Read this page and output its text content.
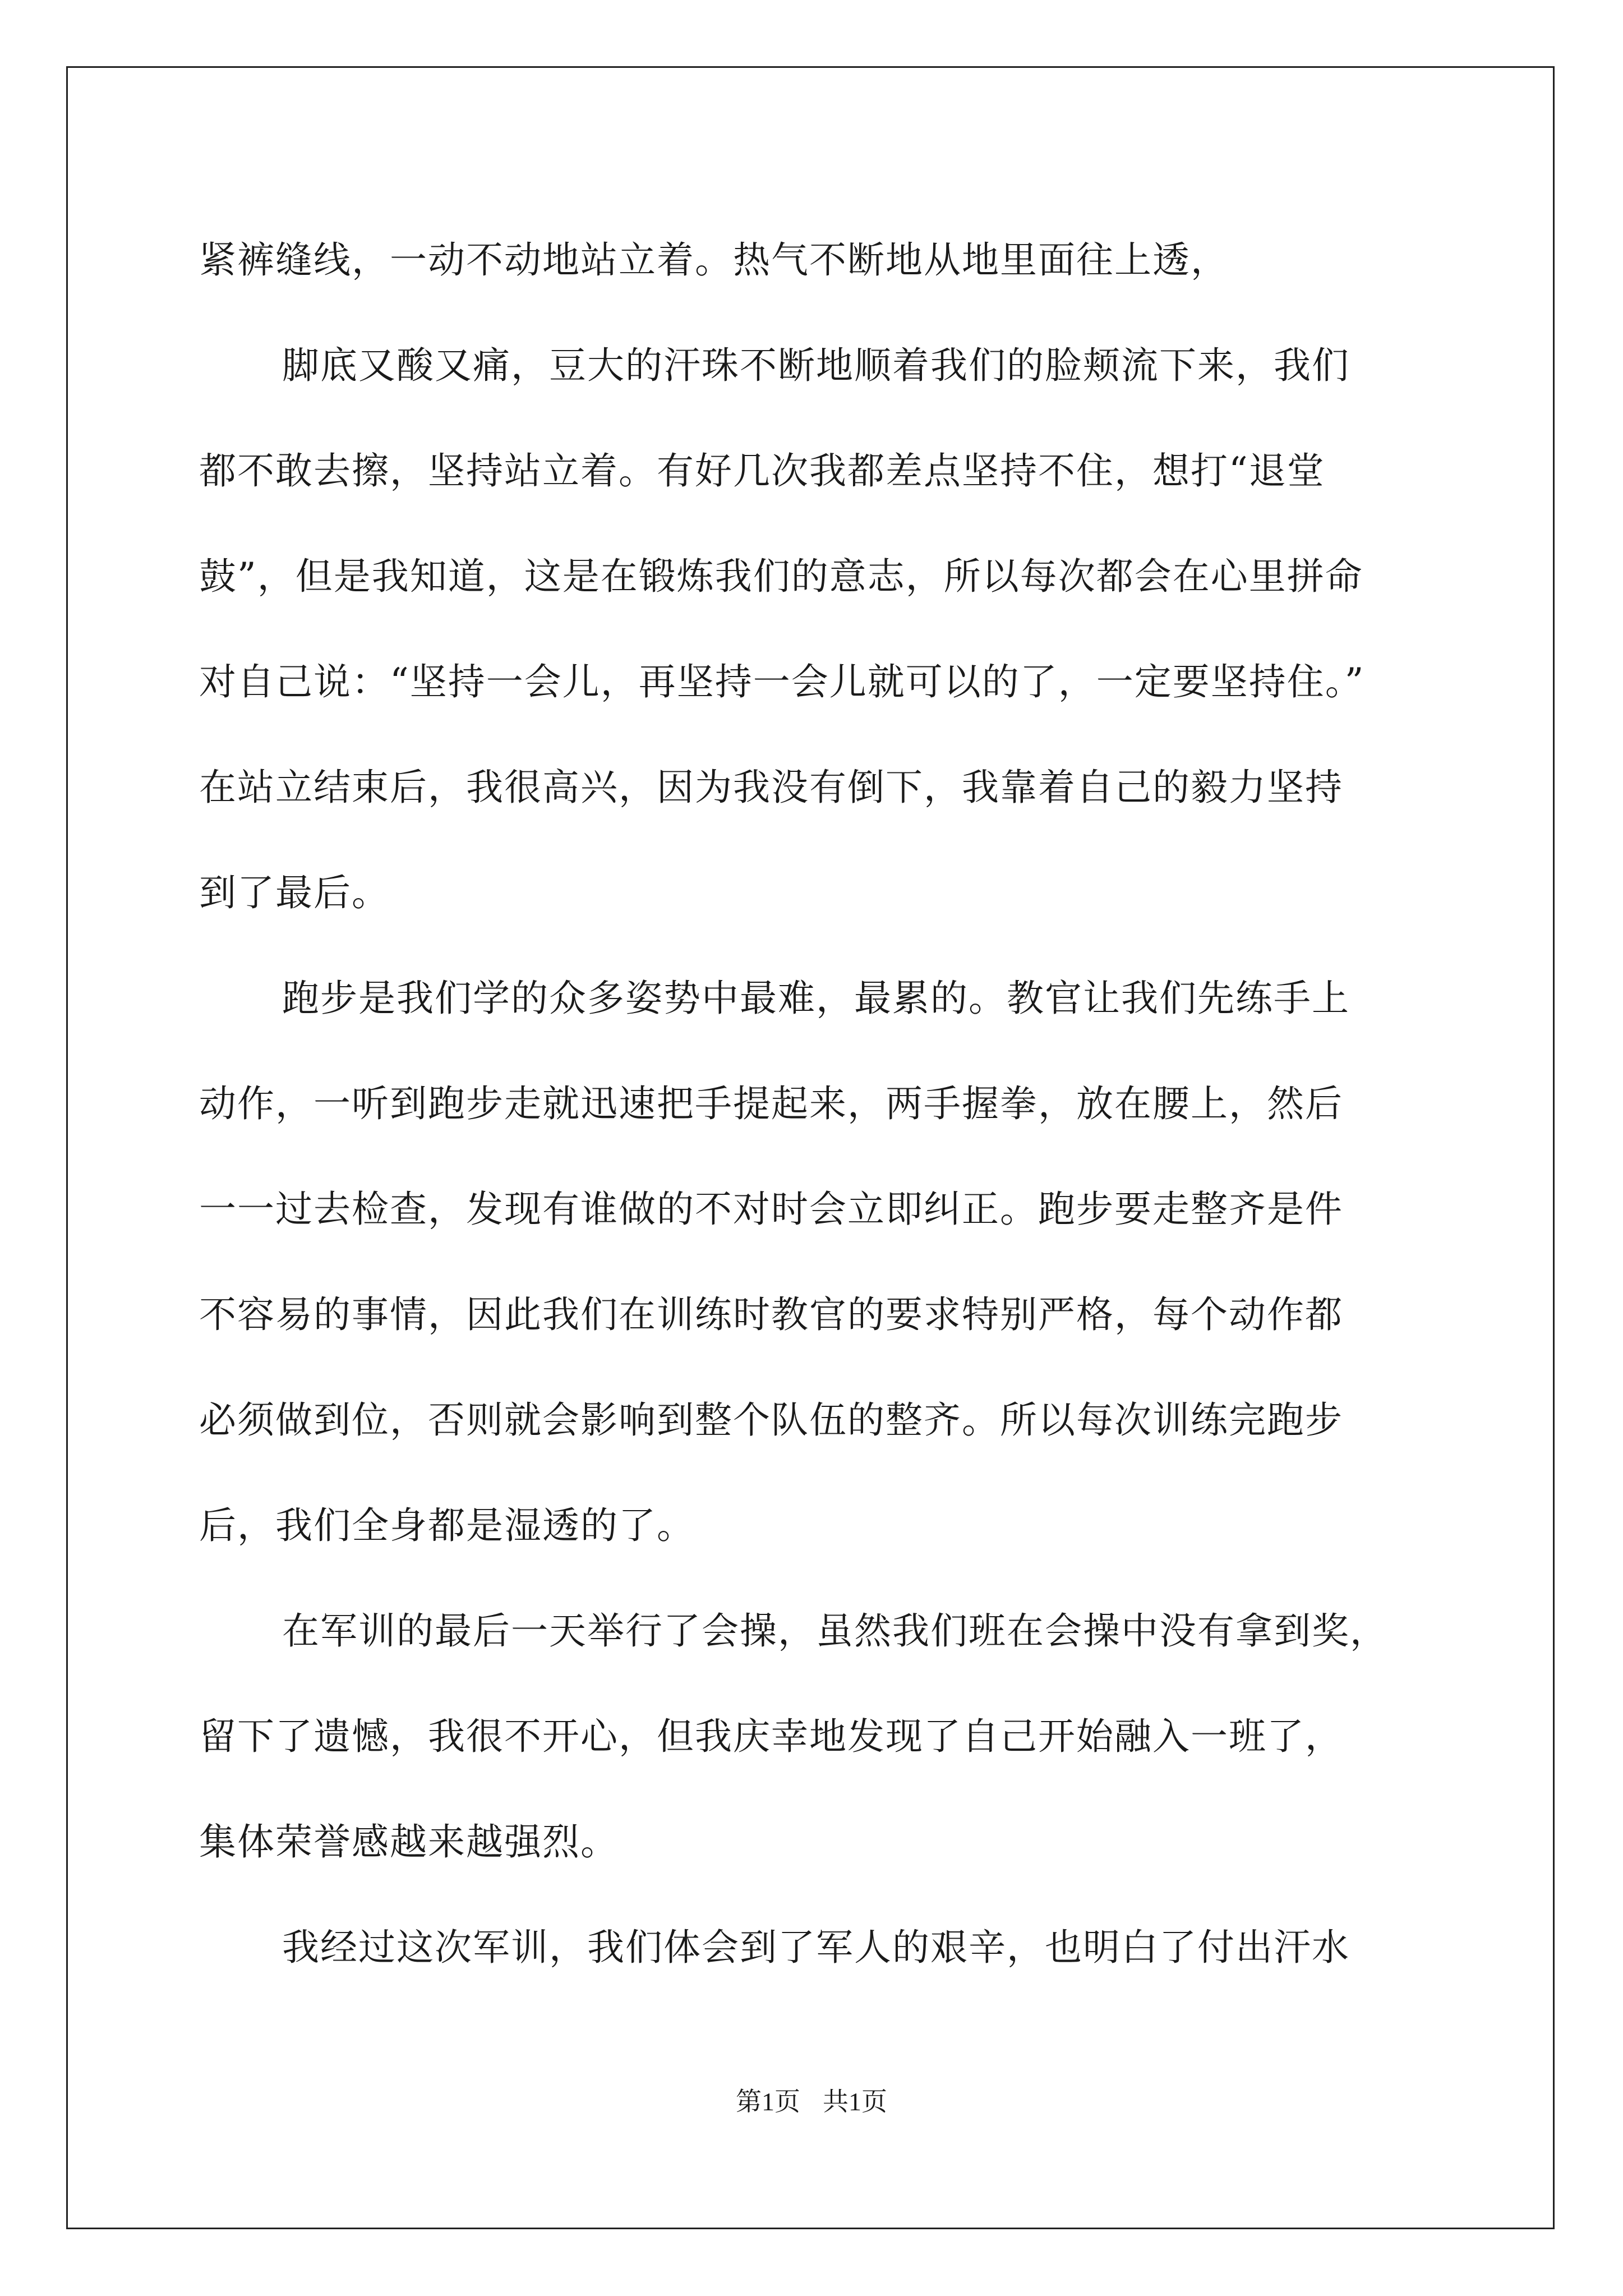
紧裤缝线，一动不动地站立着。热气不断地从地里面往上透，
脚底又酸又痛，豆大的汗珠不断地顺着我们的脸颊流下来，我们
都不敢去擦，坚持站立着。有好几次我都差点坚持不住，想打“退堂
鼓”，但是我知道，这是在锻炼我们的意志，所以每次都会在心里拼命
对自己说：“坚持一会儿，再坚持一会儿就可以的了，一定要坚持住。”
在站立结束后，我很高兴，因为我没有倒下，我靠着自己的毅力坚持
到了最后。
跑步是我们学的众多姿势中最难，最累的。教官让我们先练手上
动作，一听到跑步走就迅速把手提起来，两手握拳，放在腰上，然后
一一过去检查，发现有谁做的不对时会立即纠正。跑步要走整齐是件
不容易的事情，因此我们在训练时教官的要求特别严格，每个动作都
必须做到位，否则就会影响到整个队伍的整齐。所以每次训练完跑步
后，我们全身都是湿透的了。
在军训的最后一天举行了会操，虽然我们班在会操中没有拿到奖，
留下了遗憾，我很不开心，但我庆幸地发现了自己开始融入一班了，
集体荣誉感越来越强烈。
我经过这次军训，我们体会到了军人的艰辛，也明白了付出汗水
第1页 共1页
